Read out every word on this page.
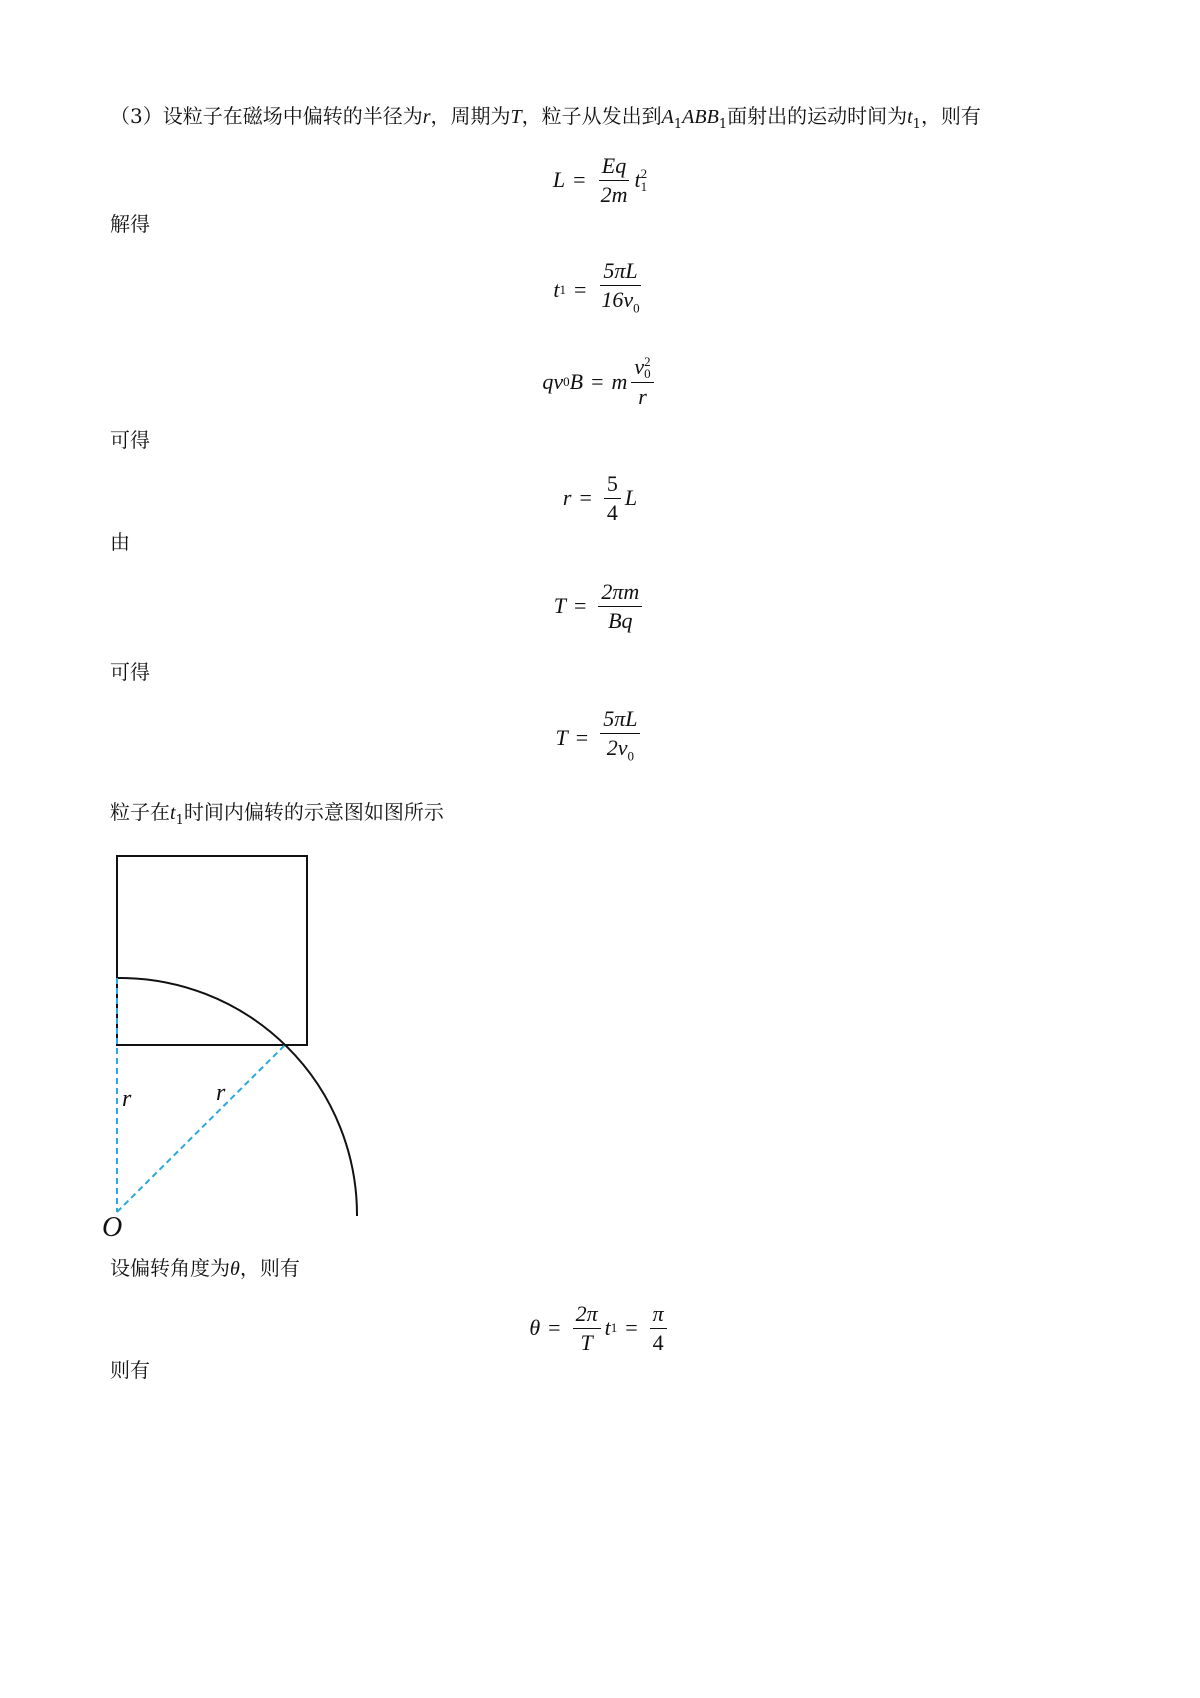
（3）设粒子在磁场中偏转的半径为r，周期为T，粒子从发出到$A_1ABB_1$面射出的运动时间为$t_1$，则有
$L = \frac{Eq}{2m}$ t 2
1
解得
t $1 = \frac{5\pi L}{16v_0}$
qv 0 B = m v 2
0
r
可得
$r = \frac{5}{4}$ L
由
$T = \frac{2\pi m}{Bq}$
可得
$T = \frac{5\pi L}{2v_0}$
粒子在$t_1$时间内偏转的示意图如图所示
r	r
O
设偏转角度为θ，则有
$\theta = \frac{2\pi}{T}$ t $1 = \frac{\pi}{4}$
则有
